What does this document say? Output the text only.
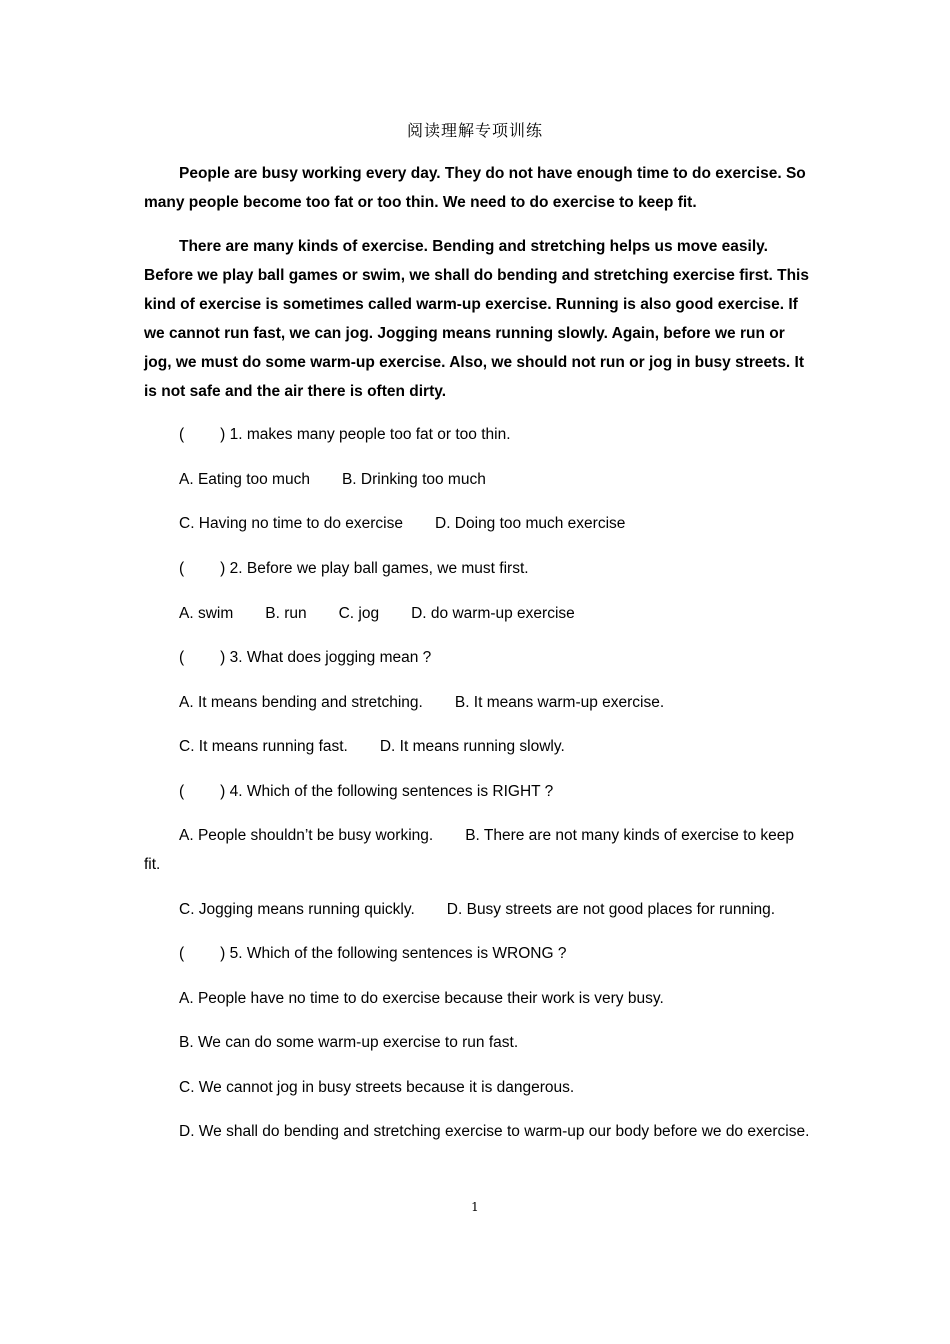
阅读理解专项训练

People are busy working every day. They do not have enough time to do exercise. So many people become too fat or too thin. We need to do exercise to keep fit.

There are many kinds of exercise. Bending and stretching helps us move easily. Before we play ball games or swim, we shall do bending and stretching exercise first. This kind of exercise is sometimes called warm-up exercise. Running is also good exercise. If we cannot run fast, we can jog. Jogging means running slowly. Again, before we run or jog, we must do some warm-up exercise. Also, we should not run or jog in busy streets. It is not safe and the air there is often dirty.

( ) 1. makes many people too fat or too thin.

A. Eating too much B. Drinking too much

C. Having no time to do exercise D. Doing too much exercise

( ) 2. Before we play ball games, we must first.

A. swim B. run C. jog D. do warm-up exercise

( ) 3. What does jogging mean ?

A. It means bending and stretching. B. It means warm-up exercise.

C. It means running fast. D. It means running slowly.

( ) 4. Which of the following sentences is RIGHT ?

A. People shouldn’t be busy working. B. There are not many kinds of exercise to keep fit.

C. Jogging means running quickly. D. Busy streets are not good places for running.

( ) 5. Which of the following sentences is WRONG ?

A. People have no time to do exercise because their work is very busy.

B. We can do some warm-up exercise to run fast.

C. We cannot jog in busy streets because it is dangerous.

D. We shall do bending and stretching exercise to warm-up our body before we do exercise.

1
